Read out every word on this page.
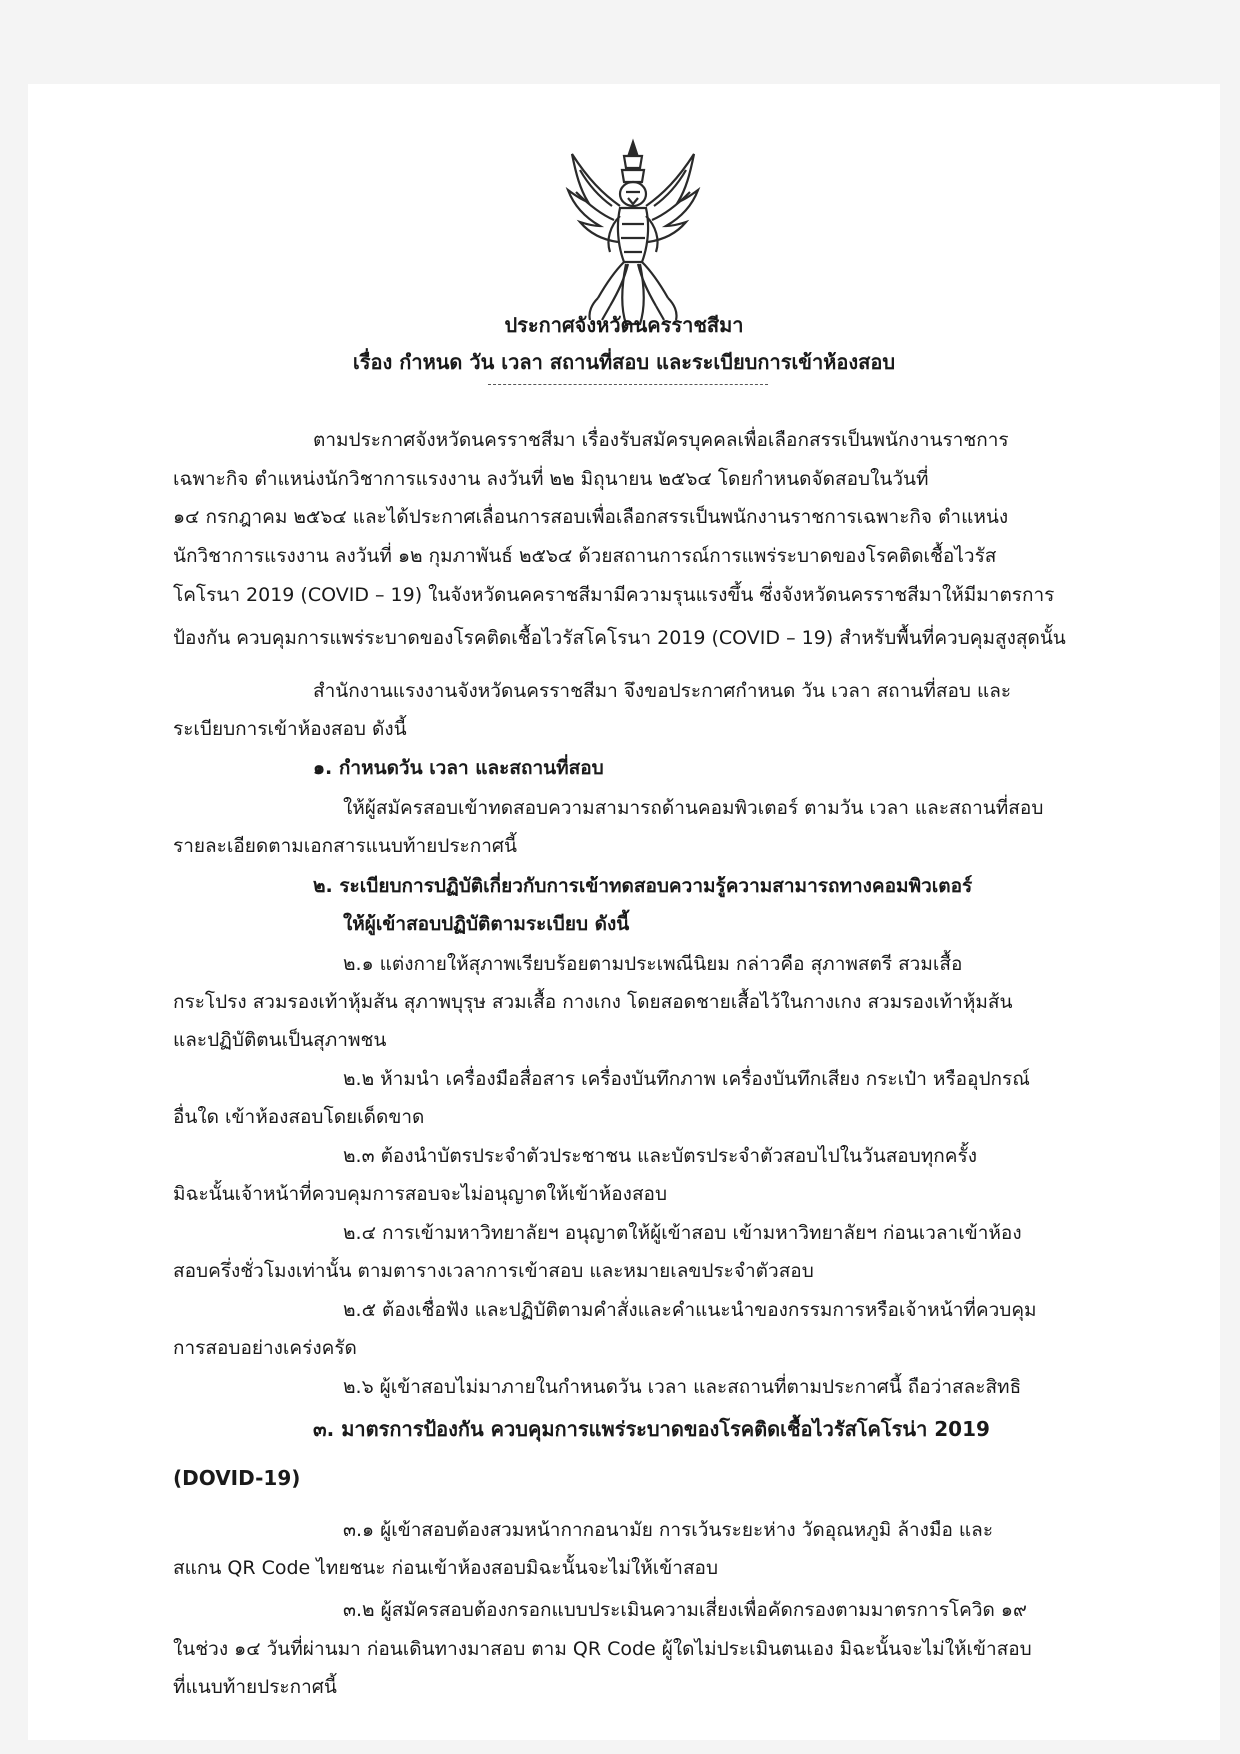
ประกาศจังหวัดนครราชสีมา
เรื่อง กำหนด วัน เวลา สถานที่สอบ และระเบียบการเข้าห้องสอบ
ตามประกาศจังหวัดนครราชสีมา เรื่องรับสมัครบุคคลเพื่อเลือกสรรเป็นพนักงานราชการ
เฉพาะกิจ ตำแหน่งนักวิชาการแรงงาน ลงวันที่ ๒๒ มิถุนายน ๒๕๖๔ โดยกำหนดจัดสอบในวันที่
๑๔ กรกฎาคม ๒๕๖๔ และได้ประกาศเลื่อนการสอบเพื่อเลือกสรรเป็นพนักงานราชการเฉพาะกิจ ตำแหน่ง
นักวิชาการแรงงาน ลงวันที่ ๑๒ กุมภาพันธ์ ๒๕๖๔ ด้วยสถานการณ์การแพร่ระบาดของโรคติดเชื้อไวรัส
โคโรนา 2019 (COVID – 19) ในจังหวัดนคคราชสีมามีความรุนแรงขึ้น ซึ่งจังหวัดนครราชสีมาให้มีมาตรการ
ป้องกัน ควบคุมการแพร่ระบาดของโรคติดเชื้อไวรัสโคโรนา 2019 (COVID – 19) สำหรับพื้นที่ควบคุมสูงสุดนั้น
สำนักงานแรงงานจังหวัดนครราชสีมา จึงขอประกาศกำหนด วัน เวลา สถานที่สอบ และ
ระเบียบการเข้าห้องสอบ ดังนี้
๑. กำหนดวัน เวลา และสถานที่สอบ
ให้ผู้สมัครสอบเข้าทดสอบความสามารถด้านคอมพิวเตอร์ ตามวัน เวลา และสถานที่สอบ
รายละเอียดตามเอกสารแนบท้ายประกาศนี้
๒. ระเบียบการปฏิบัติเกี่ยวกับการเข้าทดสอบความรู้ความสามารถทางคอมพิวเตอร์
ให้ผู้เข้าสอบปฏิบัติตามระเบียบ ดังนี้
๒.๑ แต่งกายให้สุภาพเรียบร้อยตามประเพณีนิยม กล่าวคือ สุภาพสตรี สวมเสื้อ
กระโปรง สวมรองเท้าหุ้มส้น สุภาพบุรุษ สวมเสื้อ กางเกง โดยสอดชายเสื้อไว้ในกางเกง สวมรองเท้าหุ้มส้น
และปฏิบัติตนเป็นสุภาพชน
๒.๒ ห้ามนำ เครื่องมือสื่อสาร เครื่องบันทึกภาพ เครื่องบันทึกเสียง กระเป๋า หรืออุปกรณ์
อื่นใด เข้าห้องสอบโดยเด็ดขาด
๒.๓ ต้องนำบัตรประจำตัวประชาชน และบัตรประจำตัวสอบไปในวันสอบทุกครั้ง
มิฉะนั้นเจ้าหน้าที่ควบคุมการสอบจะไม่อนุญาตให้เข้าห้องสอบ
๒.๔ การเข้ามหาวิทยาลัยฯ อนุญาตให้ผู้เข้าสอบ เข้ามหาวิทยาลัยฯ ก่อนเวลาเข้าห้อง
สอบครึ่งชั่วโมงเท่านั้น ตามตารางเวลาการเข้าสอบ และหมายเลขประจำตัวสอบ
๒.๕ ต้องเชื่อฟัง และปฏิบัติตามคำสั่งและคำแนะนำของกรรมการหรือเจ้าหน้าที่ควบคุม
การสอบอย่างเคร่งครัด
๒.๖ ผู้เข้าสอบไม่มาภายในกำหนดวัน เวลา และสถานที่ตามประกาศนี้ ถือว่าสละสิทธิ
๓. มาตรการป้องกัน ควบคุมการแพร่ระบาดของโรคติดเชื้อไวรัสโคโรน่า 2019
(DOVID-19)
๓.๑ ผู้เข้าสอบต้องสวมหน้ากากอนามัย การเว้นระยะห่าง วัดอุณหภูมิ ล้างมือ และ
สแกน QR Code ไทยชนะ ก่อนเข้าห้องสอบมิฉะนั้นจะไม่ให้เข้าสอบ
๓.๒ ผู้สมัครสอบต้องกรอกแบบประเมินความเสี่ยงเพื่อคัดกรองตามมาตรการโควิด ๑๙
ในช่วง ๑๔ วันที่ผ่านมา ก่อนเดินทางมาสอบ ตาม QR Code ผู้ใดไม่ประเมินตนเอง มิฉะนั้นจะไม่ให้เข้าสอบ
ที่แนบท้ายประกาศนี้
